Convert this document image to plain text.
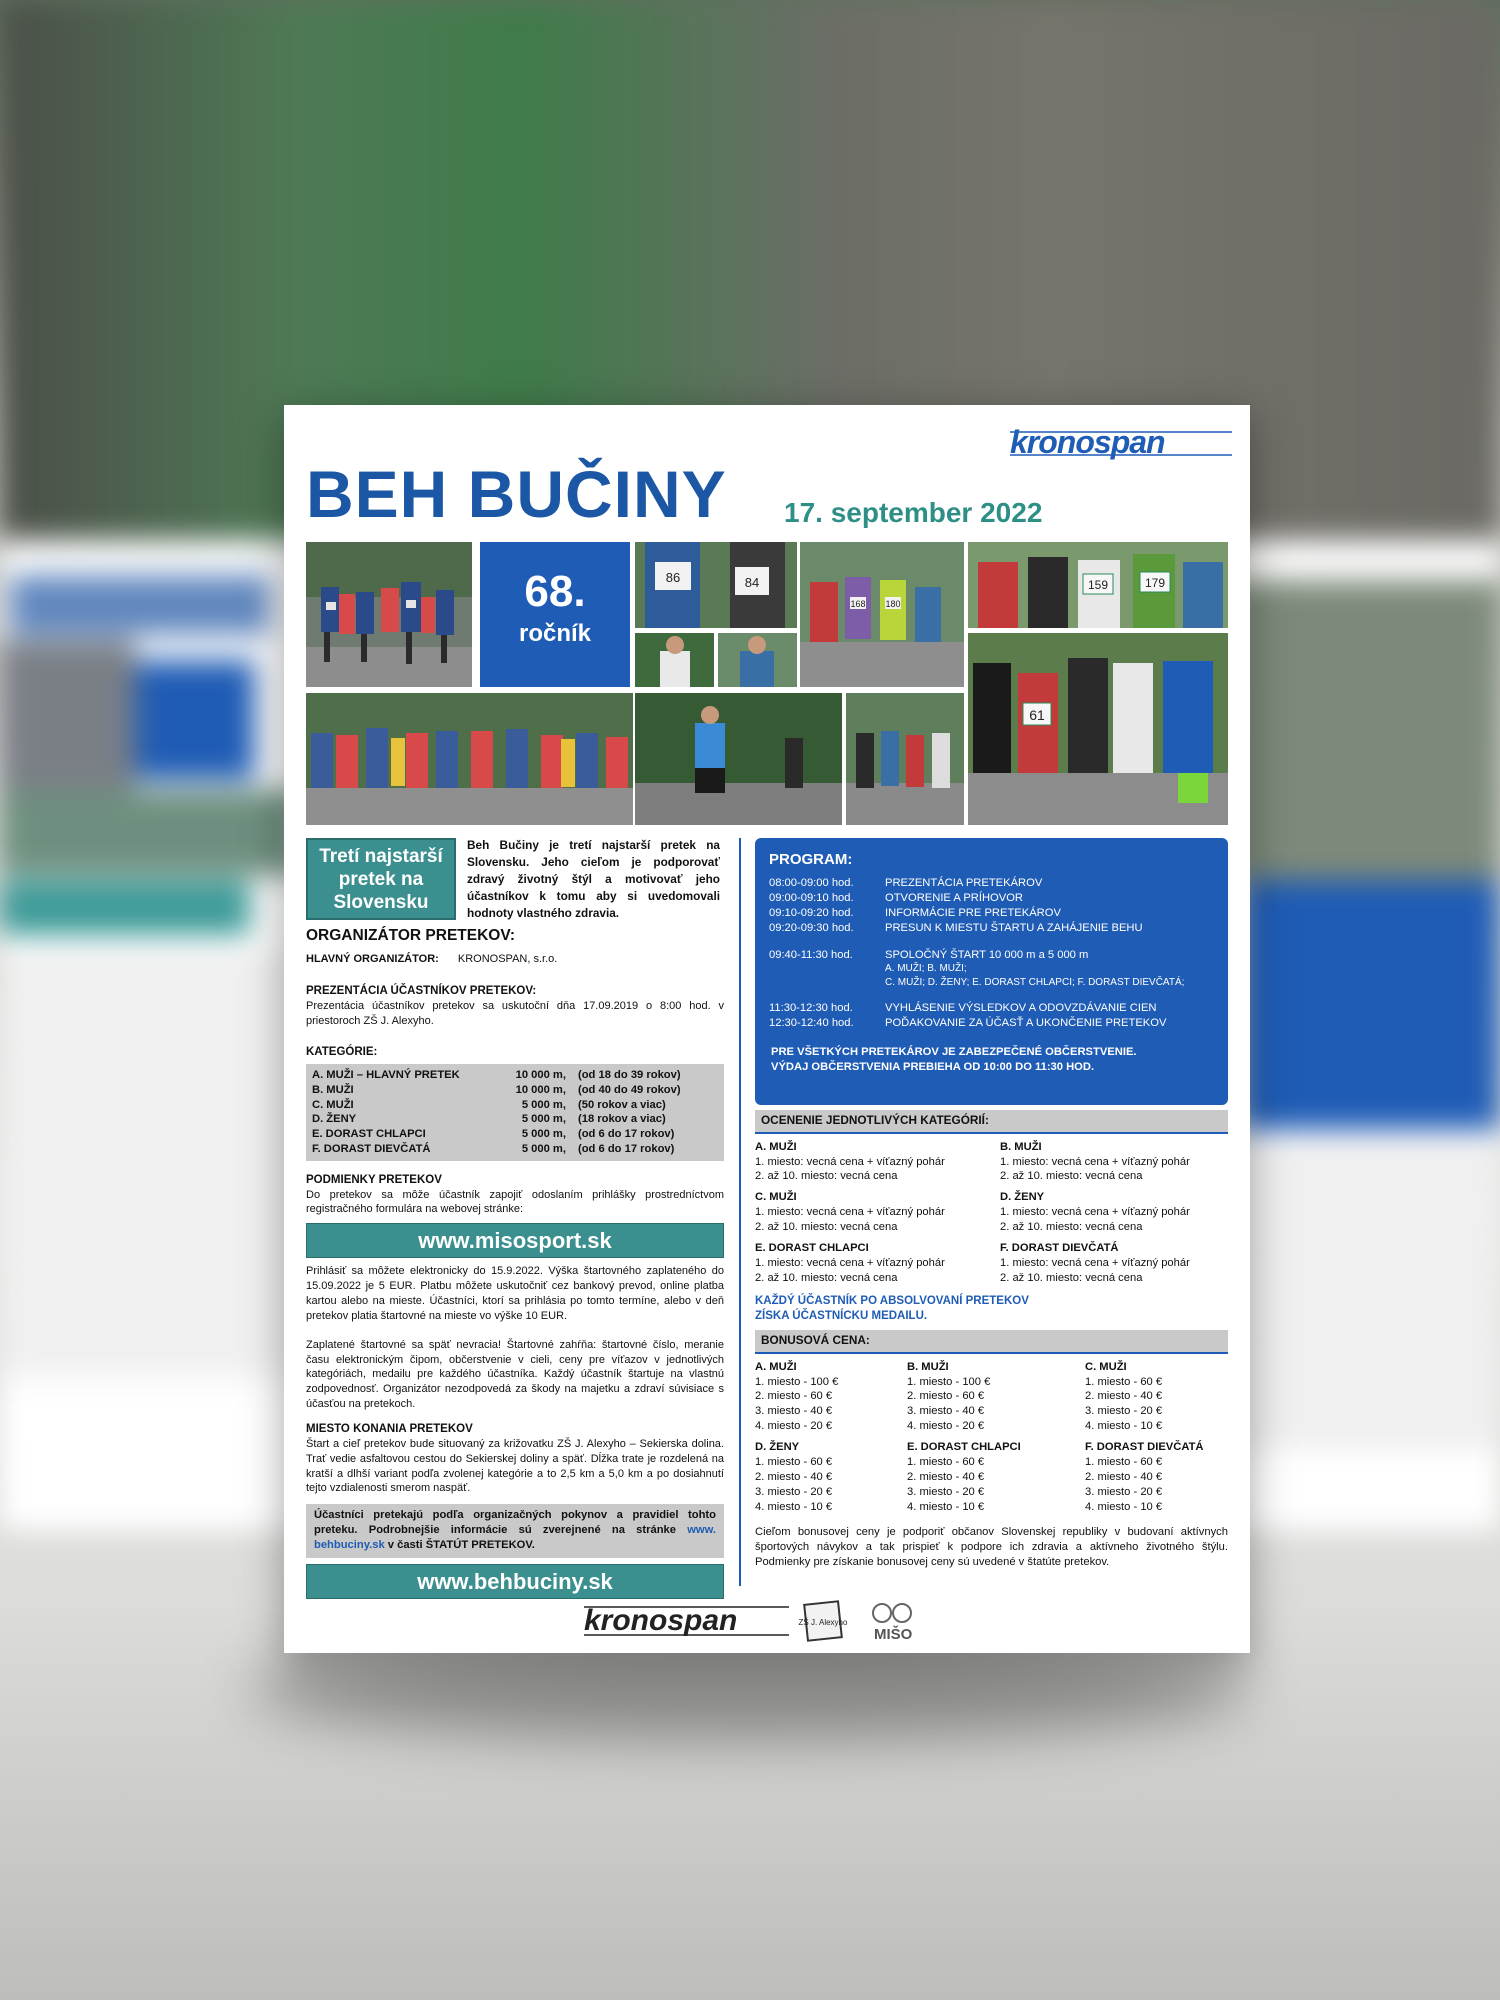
kronospan
BEH BUČINY 17. september 2022
68.
ročník
86	84
168 180
159	179
61
Tretí najstarší
pretek na
Slovensku
Beh Bučiny je tretí najstarší pretek na Slovensku. Jeho cieľom je podporovať zdravý životný štýl a motivovať jeho účastníkov k tomu aby si uvedomovali hodnoty vlastného zdravia.
ORGANIZÁTOR PRETEKOV:
HLAVNÝ ORGANIZÁTOR: KRONOSPAN, s.r.o.
PREZENTÁCIA ÚČASTNÍKOV PRETEKOV:
Prezentácia účastníkov pretekov sa uskutoční dňa 17.09.2019 o 8:00 hod. v priestoroch ZŠ J. Alexyho.
KATEGÓRIE:
A. MUŽI – HLAVNÝ PRETEK	10 000 m,	(od 18 do 39 rokov)
B. MUŽI	10 000 m,	(od 40 do 49 rokov)
C. MUŽI	5 000 m,	(50 rokov a viac)
D. ŽENY	5 000 m,	(18 rokov a viac)
E. DORAST CHLAPCI	5 000 m,	(od 6 do 17 rokov)
F. DORAST DIEVČATÁ	5 000 m,	(od 6 do 17 rokov)
PODMIENKY PRETEKOV
Do pretekov sa môže účastník zapojiť odoslaním prihlášky prostredníctvom registračného formulára na webovej stránke:
www.misosport.sk
Prihlásiť sa môžete elektronicky do 15.9.2022. Výška štartovného zaplateného do 15.09.2022 je 5 EUR. Platbu môžete uskutočniť cez bankový prevod, online platba kartou alebo na mieste. Účastníci, ktorí sa prihlásia po tomto termíne, alebo v deň pretekov platia štartovné na mieste vo výške 10 EUR.
Zaplatené štartovné sa späť nevracia! Štartovné zahŕňa: štartovné číslo, meranie času elektronickým čipom, občerstvenie v cieli, ceny pre víťazov v jednotlivých kategóriách, medailu pre každého účastníka. Každý účastník štartuje na vlastnú zodpovednosť. Organizátor nezodpovedá za škody na majetku a zdraví súvisiace s účasťou na pretekoch.
MIESTO KONANIA PRETEKOV
Štart a cieľ pretekov bude situovaný za križovatku ZŠ J. Alexyho – Sekierska dolina. Trať vedie asfaltovou cestou do Sekierskej doliny a späť. Dĺžka trate je rozdelená na kratší a dlhší variant podľa zvolenej kategórie a to 2,5 km a 5,0 km a po dosiahnutí tejto vzdialenosti smerom naspäť.
Účastníci pretekajú podľa organizačných pokynov a pravidiel tohto preteku. Podrobnejšie informácie sú zverejnené na stránke www. behbuciny.sk v časti ŠTATÚT PRETEKOV.
www.behbuciny.sk
PROGRAM:
08:00-09:00 hod.	PREZENTÁCIA PRETEKÁROV
09:00-09:10 hod.	OTVORENIE A PRÍHOVOR
09:10-09:20 hod.	INFORMÁCIE PRE PRETEKÁROV
09:20-09:30 hod.	PRESUN K MIESTU ŠTARTU A ZAHÁJENIE BEHU
09:40-11:30 hod.	SPOLOČNÝ ŠTART 10 000 m a 5 000 m
A. MUŽI; B. MUŽI;
C. MUŽI; D. ŽENY; E. DORAST CHLAPCI; F. DORAST DIEVČATÁ;
11:30-12:30 hod.	VYHLÁSENIE VÝSLEDKOV A ODOVZDÁVANIE CIEN
12:30-12:40 hod.	POĎAKOVANIE ZA ÚČASŤ A UKONČENIE PRETEKOV
PRE VŠETKÝCH PRETEKÁROV JE ZABEZPEČENÉ OBČERSTVENIE.
VÝDAJ OBČERSTVENIA PREBIEHA OD 10:00 DO 11:30 HOD.
OCENENIE JEDNOTLIVÝCH KATEGÓRIÍ:
A. MUŽI
1. miesto: vecná cena + víťazný pohár
2. až 10. miesto: vecná cena
B. MUŽI
1. miesto: vecná cena + víťazný pohár
2. až 10. miesto: vecná cena
C. MUŽI
1. miesto: vecná cena + víťazný pohár
2. až 10. miesto: vecná cena
D. ŽENY
1. miesto: vecná cena + víťazný pohár
2. až 10. miesto: vecná cena
E. DORAST CHLAPCI
1. miesto: vecná cena + víťazný pohár
2. až 10. miesto: vecná cena
F. DORAST DIEVČATÁ
1. miesto: vecná cena + víťazný pohár
2. až 10. miesto: vecná cena
KAŽDÝ ÚČASTNÍK PO ABSOLVOVANÍ PRETEKOV
ZÍSKA ÚČASTNÍCKU MEDAILU.
BONUSOVÁ CENA:
A. MUŽI
1. miesto - 100 €
2. miesto - 60 €
3. miesto - 40 €
4. miesto - 20 €
B. MUŽI
1. miesto - 100 €
2. miesto - 60 €
3. miesto - 40 €
4. miesto - 20 €
C. MUŽI
1. miesto - 60 €
2. miesto - 40 €
3. miesto - 20 €
4. miesto - 10 €
D. ŽENY
1. miesto - 60 €
2. miesto - 40 €
3. miesto - 20 €
4. miesto - 10 €
E. DORAST CHLAPCI
1. miesto - 60 €
2. miesto - 40 €
3. miesto - 20 €
4. miesto - 10 €
F. DORAST DIEVČATÁ
1. miesto - 60 €
2. miesto - 40 €
3. miesto - 20 €
4. miesto - 10 €
Cieľom bonusovej ceny je podporiť občanov Slovenskej republiky v budovaní aktívnych športových návykov a tak prispieť k podpore ich zdravia a aktívneho životného štýlu. Podmienky pre získanie bonusovej ceny sú uvedené v štatúte pretekov.
kronospan	ZŠ J. Alexyho
MIŠO
